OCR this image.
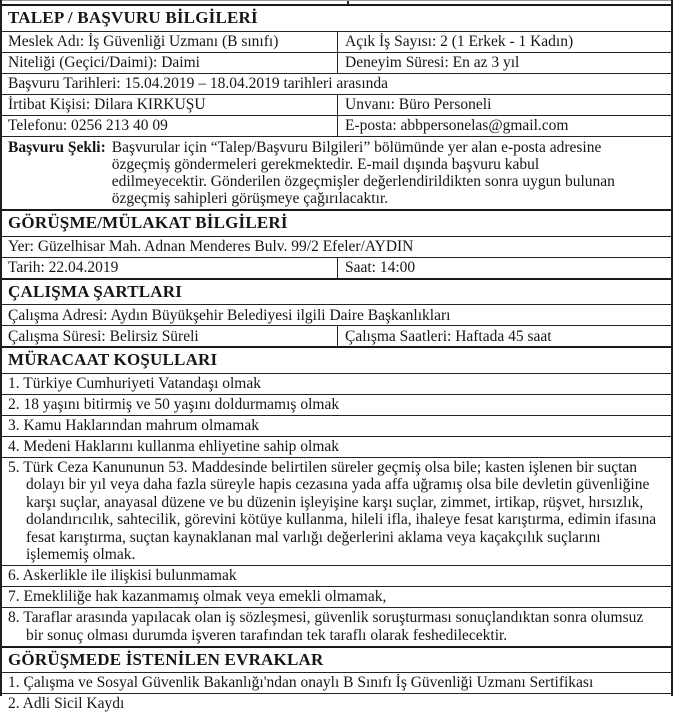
TALEP / BAŞVURU BİLGİLERİ
Meslek Adı: İş Güvenliği Uzmanı (B sınıfı)	Açık İş Sayısı: 2 (1 Erkek - 1 Kadın)
Niteliği (Geçici/Daimi): Daimi	Deneyim Süresi: En az 3 yıl
Başvuru Tarihleri: 15.04.2019 – 18.04.2019 tarihleri arasında
İrtibat Kişisi: Dilara KIRKUŞU	Unvanı: Büro Personeli
Telefonu: 0256 213 40 09	E-posta: abbpersonelas@gmail.com
Başvuru Şekli: Başvurular için “Talep/Başvuru Bilgileri” bölümünde yer alan e-posta adresine
özgeçmiş göndermeleri gerekmektedir. E-mail dışında başvuru kabul
edilmeyecektir. Gönderilen özgeçmişler değerlendirildikten sonra uygun bulunan
özgeçmiş sahipleri görüşmeye çağırılacaktır.
GÖRÜŞME/MÜLAKAT BİLGİLERİ
Yer: Güzelhisar Mah. Adnan Menderes Bulv. 99/2 Efeler/AYDIN
Tarih: 22.04.2019	Saat: 14:00
ÇALIŞMA ŞARTLARI
Çalışma Adresi: Aydın Büyükşehir Belediyesi ilgili Daire Başkanlıkları
Çalışma Süresi: Belirsiz Süreli	Çalışma Saatleri: Haftada 45 saat
MÜRACAAT KOŞULLARI
1. Türkiye Cumhuriyeti Vatandaşı olmak
2. 18 yaşını bitirmiş ve 50 yaşını doldurmamış olmak
3. Kamu Haklarından mahrum olmamak
4. Medeni Haklarını kullanma ehliyetine sahip olmak
5. Türk Ceza Kanununun 53. Maddesinde belirtilen süreler geçmiş olsa bile; kasten işlenen bir suçtan dolayı bir yıl veya daha fazla süreyle hapis cezasına yada affa uğramış olsa bile devletin güvenliğine karşı suçlar, anayasal düzene ve bu düzenin işleyişine karşı suçlar, zimmet, irtikap, rüşvet, hırsızlık, dolandırıcılık, sahtecilik, görevini kötüye kullanma, hileli ifla, ihaleye fesat karıştırma, edimin ifasına fesat karıştırma, suçtan kaynaklanan mal varlığı değerlerini aklama veya kaçakçılık suçlarını işlememiş olmak.
6. Askerlikle ile ilişkisi bulunmamak
7. Emekliliğe hak kazanmamış olmak veya emekli olmamak,
8. Taraflar arasında yapılacak olan iş sözleşmesi, güvenlik soruşturması sonuçlandıktan sonra olumsuz bir sonuç olması durumda işveren tarafından tek taraflı olarak feshedilecektir.
GÖRÜŞMEDE İSTENİLEN EVRAKLAR
1. Çalışma ve Sosyal Güvenlik Bakanlığı'ndan onaylı B Sınıfı İş Güvenliği Uzmanı Sertifikası
2. Adli Sicil Kaydı
